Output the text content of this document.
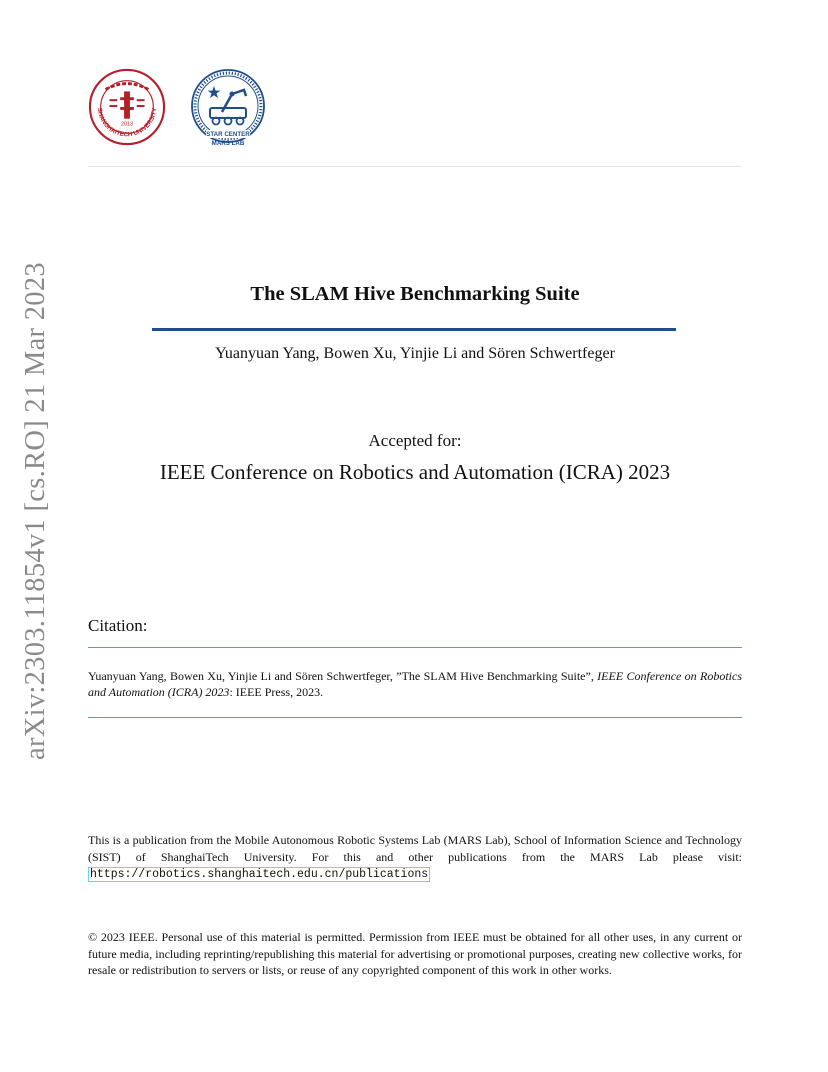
SHANGHAITECH UNIVERSITY
2013
STAR CENTER
MARS LAB
arXiv:2303.11854v1 [cs.RO] 21 Mar 2023	The SLAM Hive Benchmarking Suite
Yuanyuan Yang, Bowen Xu, Yinjie Li and Sören Schwertfeger
Accepted for:
IEEE Conference on Robotics and Automation (ICRA) 2023
Citation:

Yuanyuan Yang, Bowen Xu, Yinjie Li and Sören Schwertfeger, ”The SLAM Hive Benchmarking Suite”, IEEE Conference on Robotics and Automation (ICRA) 2023: IEEE Press, 2023.

This is a publication from the Mobile Autonomous Robotic Systems Lab (MARS Lab), School of Information Science and Technology (SIST) of ShanghaiTech University. For this and other publications from the MARS Lab please visit: https://robotics.shanghaitech.edu.cn/publications

© 2023 IEEE. Personal use of this material is permitted. Permission from IEEE must be obtained for all other uses, in any current or future media, including reprinting/republishing this material for advertising or promotional purposes, creating new collective works, for resale or redistribution to servers or lists, or reuse of any copyrighted component of this work in other works.
